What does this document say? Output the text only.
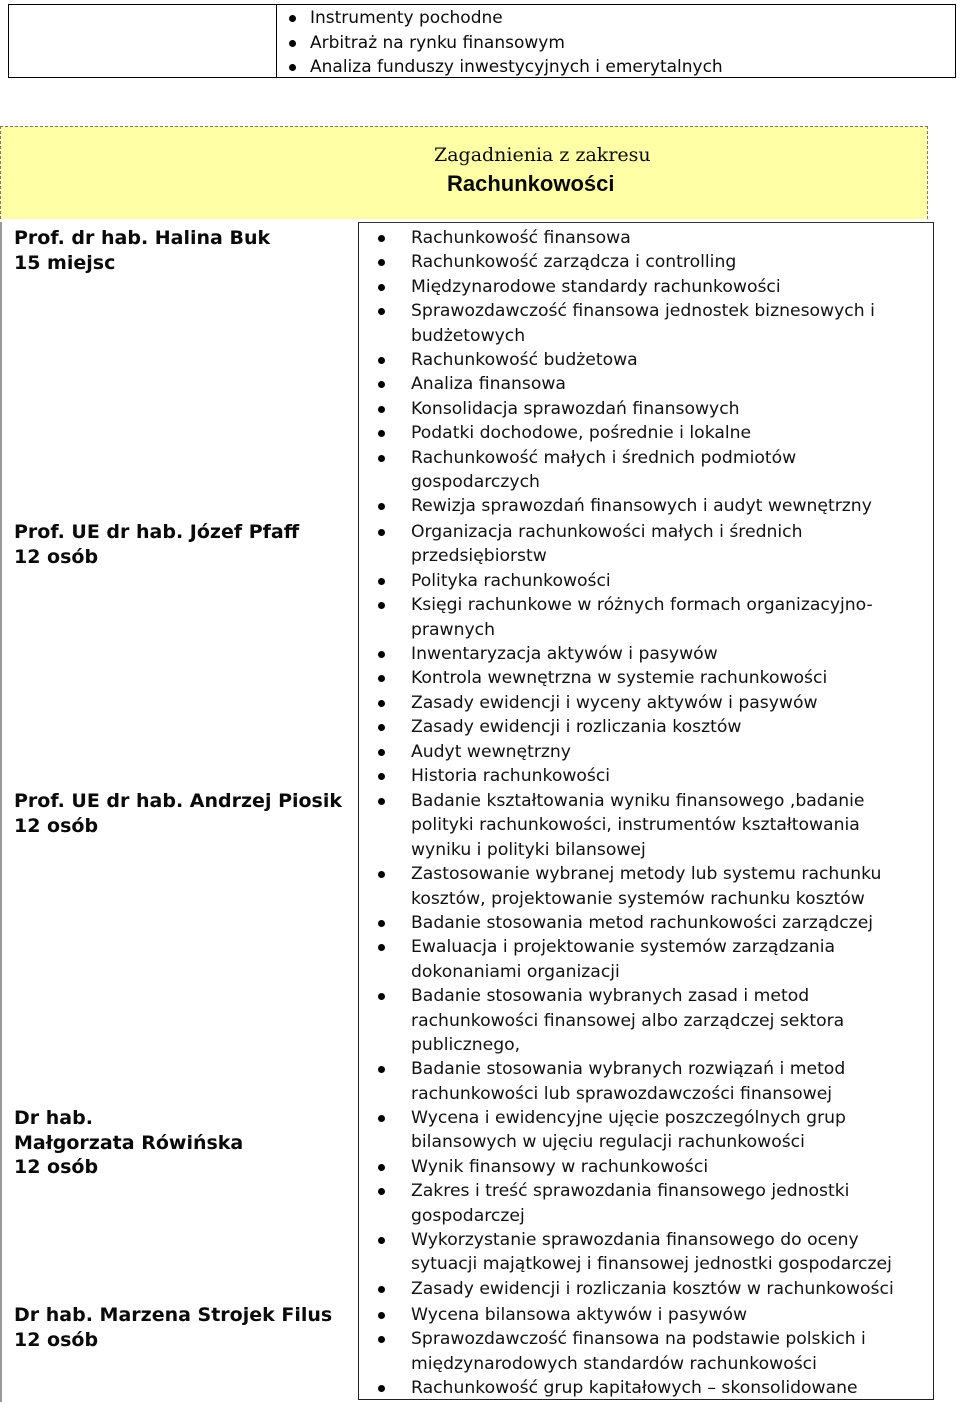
Instrumenty pochodne
Arbitraż na rynku finansowym
Analiza funduszy inwestycyjnych i emerytalnych
Zagadnienia z zakresu
Rachunkowości
Prof. dr hab. Halina Buk
15 miejsc
Rachunkowość finansowa
Rachunkowość zarządcza i controlling
Międzynarodowe standardy rachunkowości
Sprawozdawczość finansowa jednostek biznesowych i budżetowych
Rachunkowość budżetowa
Analiza finansowa
Konsolidacja sprawozdań finansowych
Podatki dochodowe, pośrednie i lokalne
Rachunkowość małych i średnich podmiotów gospodarczych
Rewizja sprawozdań finansowych i audyt wewnętrzny
Prof. UE dr hab. Józef Pfaff
12 osób
Organizacja rachunkowości małych i średnich przedsiębiorstw
Polityka rachunkowości
Księgi rachunkowe w różnych formach organizacyjno-prawnych
Inwentaryzacja aktywów i pasywów
Kontrola wewnętrzna w systemie rachunkowości
Zasady ewidencji i wyceny aktywów i pasywów
Zasady ewidencji i rozliczania kosztów
Audyt wewnętrzny
Historia rachunkowości
Prof. UE dr hab. Andrzej Piosik
12 osób
Badanie kształtowania wyniku finansowego ,badanie polityki rachunkowości, instrumentów kształtowania wyniku i polityki bilansowej
Zastosowanie wybranej metody lub systemu rachunku kosztów, projektowanie systemów rachunku kosztów
Badanie stosowania metod rachunkowości zarządczej
Ewaluacja i projektowanie systemów zarządzania dokonaniami organizacji
Badanie stosowania wybranych zasad i metod rachunkowości finansowej albo zarządczej sektora publicznego,
Badanie stosowania wybranych rozwiązań i metod rachunkowości lub sprawozdawczości finansowej
Dr hab.
Małgorzata Rówińska
12 osób
Wycena i ewidencyjne ujęcie poszczególnych grup bilansowych w ujęciu regulacji rachunkowości
Wynik finansowy w rachunkowości
Zakres i treść sprawozdania finansowego jednostki gospodarczej
Wykorzystanie sprawozdania finansowego do oceny sytuacji majątkowej i finansowej jednostki gospodarczej
Zasady ewidencji i rozliczania kosztów w rachunkowości
Dr hab. Marzena Strojek Filus
12 osób
Wycena bilansowa aktywów i pasywów
Sprawozdawczość finansowa na podstawie polskich i międzynarodowych standardów rachunkowości
Rachunkowość grup kapitałowych – skonsolidowane
